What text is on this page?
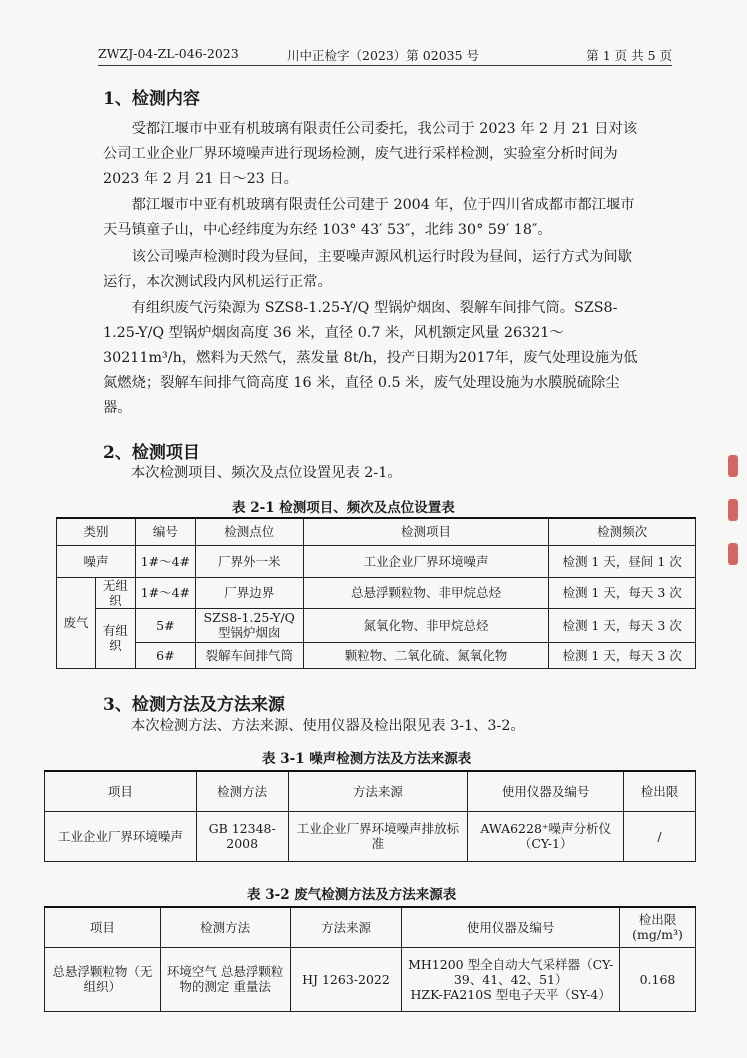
ZWZJ-04-ZL-046-2023	川中正检字（2023）第 02035 号	第 1 页 共 5 页
1、检测内容
受都江堰市中亚有机玻璃有限责任公司委托，我公司于 2023 年 2 月 21 日对该公司工业企业厂界环境噪声进行现场检测，废气进行采样检测，实验室分析时间为 2023 年 2 月 21 日～23 日。
都江堰市中亚有机玻璃有限责任公司建于 2004 年，位于四川省成都市都江堰市天马镇童子山，中心经纬度为东经 103° 43′ 53″，北纬 30° 59′ 18″。
该公司噪声检测时段为昼间，主要噪声源风机运行时段为昼间，运行方式为间歇运行，本次测试段内风机运行正常。
有组织废气污染源为 SZS8-1.25-Y/Q 型锅炉烟囱、裂解车间排气筒。SZS8-1.25-Y/Q 型锅炉烟囱高度 36 米，直径 0.7 米，风机额定风量 26321～30211m³/h，燃料为天然气，蒸发量 8t/h，投产日期为2017年，废气处理设施为低氮燃烧；裂解车间排气筒高度 16 米，直径 0.5 米，废气处理设施为水膜脱硫除尘器。
2、检测项目
本次检测项目、频次及点位设置见表 2-1。
表 2-1 检测项目、频次及点位设置表
类别		编号	检测点位	检测项目	检测频次
噪声		1#～4#	厂界外一米	工业企业厂界环境噪声	检测 1 天，昼间 1 次
废气	无组织	1#～4#	厂界边界	总悬浮颗粒物、非甲烷总烃	检测 1 天，每天 3 次
	有组织	5#	SZS8-1.25-Y/Q 型锅炉烟囱	氮氧化物、非甲烷总烃	检测 1 天，每天 3 次
		6#	裂解车间排气筒	颗粒物、二氧化硫、氮氧化物	检测 1 天，每天 3 次
3、检测方法及方法来源
本次检测方法、方法来源、使用仪器及检出限见表 3-1、3-2。
表 3-1 噪声检测方法及方法来源表
项目	检测方法	方法来源	使用仪器及编号	检出限
工业企业厂界环境噪声	GB 12348-2008	工业企业厂界环境噪声排放标准	AWA6228⁺噪声分析仪（CY-1）	/
表 3-2 废气检测方法及方法来源表
项目	检测方法	方法来源	使用仪器及编号	检出限 (mg/m³)
总悬浮颗粒物（无组织）	环境空气 总悬浮颗粒物的测定 重量法	HJ 1263-2022	MH1200 型全自动大气采样器（CY-39、41、42、51）
HZK-FA210S 型电子天平（SY-4）	0.168
